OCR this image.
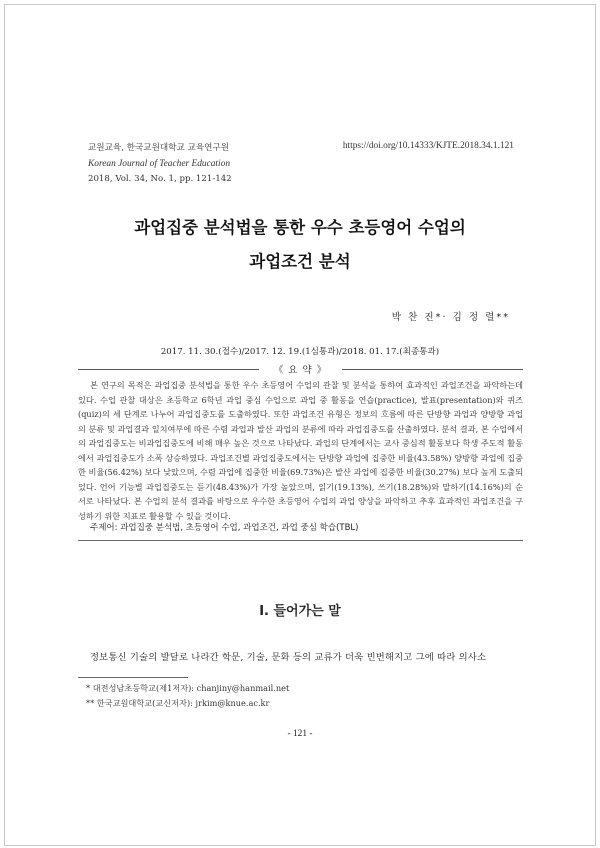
교원교육, 한국교원대학교 교육연구원
Korean Journal of Teacher Education
2018, Vol. 34, No. 1, pp. 121-142
https://doi.org/10.14333/KJTE.2018.34.1.121
과업집중 분석법을 통한 우수 초등영어 수업의
과업조건 분석
박 찬 진*· 김 정 렬**
2017. 11. 30.(접수)/2017. 12. 19.(1심통과)/2018. 01. 17.(최종통과)
《 요 약 》
본 연구의 목적은 과업집중 분석법을 통한 우수 초등영어 수업의 관찰 및 분석을 통하여 효과적인 과업조건을 파악하는데 있다. 수업 관찰 대상은 초등학교 6학년 과업 중심 수업으로 과업 중 활동을 연습(practice), 발표(presentation)와 퀴즈(quiz)의 세 단계로 나누어 과업집중도를 도출하였다. 또한 과업조건 유형은 정보의 흐름에 따른 단방향 과업과 양방향 과업의 분류 및 과업결과 일치여부에 따른 수렴 과업과 발산 과업의 분류에 따라 과업집중도를 산출하였다. 분석 결과, 본 수업에서의 과업집중도는 비과업집중도에 비해 매우 높은 것으로 나타났다. 과업의 단계에서는 교사 중심적 활동보다 학생 주도적 활동에서 과업집중도가 소폭 상승하였다. 과업조건별 과업집중도에서는 단방향 과업에 집중한 비율(43.58%) 양방향 과업에 집중한 비율(56.42%) 보다 낮았으며, 수렴 과업에 집중한 비율(69.73%)은 발산 과업에 집중한 비율(30.27%) 보다 높게 도출되었다. 언어 기능별 과업집중도는 듣기(48.43%)가 가장 높았으며, 읽기(19.13%), 쓰기(18.28%)와 말하기(14.16%)의 순서로 나타났다. 본 수업의 분석 결과를 바탕으로 우수한 초등영어 수업의 과업 양상을 파악하고 추후 효과적인 과업조건을 구성하기 위한 지표로 활용할 수 있을 것이다.
주제어: 과업집중 분석법, 초등영어 수업, 과업조건, 과업 중심 학습(TBL)
Ⅰ. 들어가는 말
정보통신 기술의 발달로 나라간 학문, 기술, 문화 등의 교류가 더욱 빈번해지고 그에 따라 의사소
* 대전성남초등학교(제1저자): chanjiny@hanmail.net
** 한국교원대학교(교신저자): jrkim@knue.ac.kr
- 121 -
